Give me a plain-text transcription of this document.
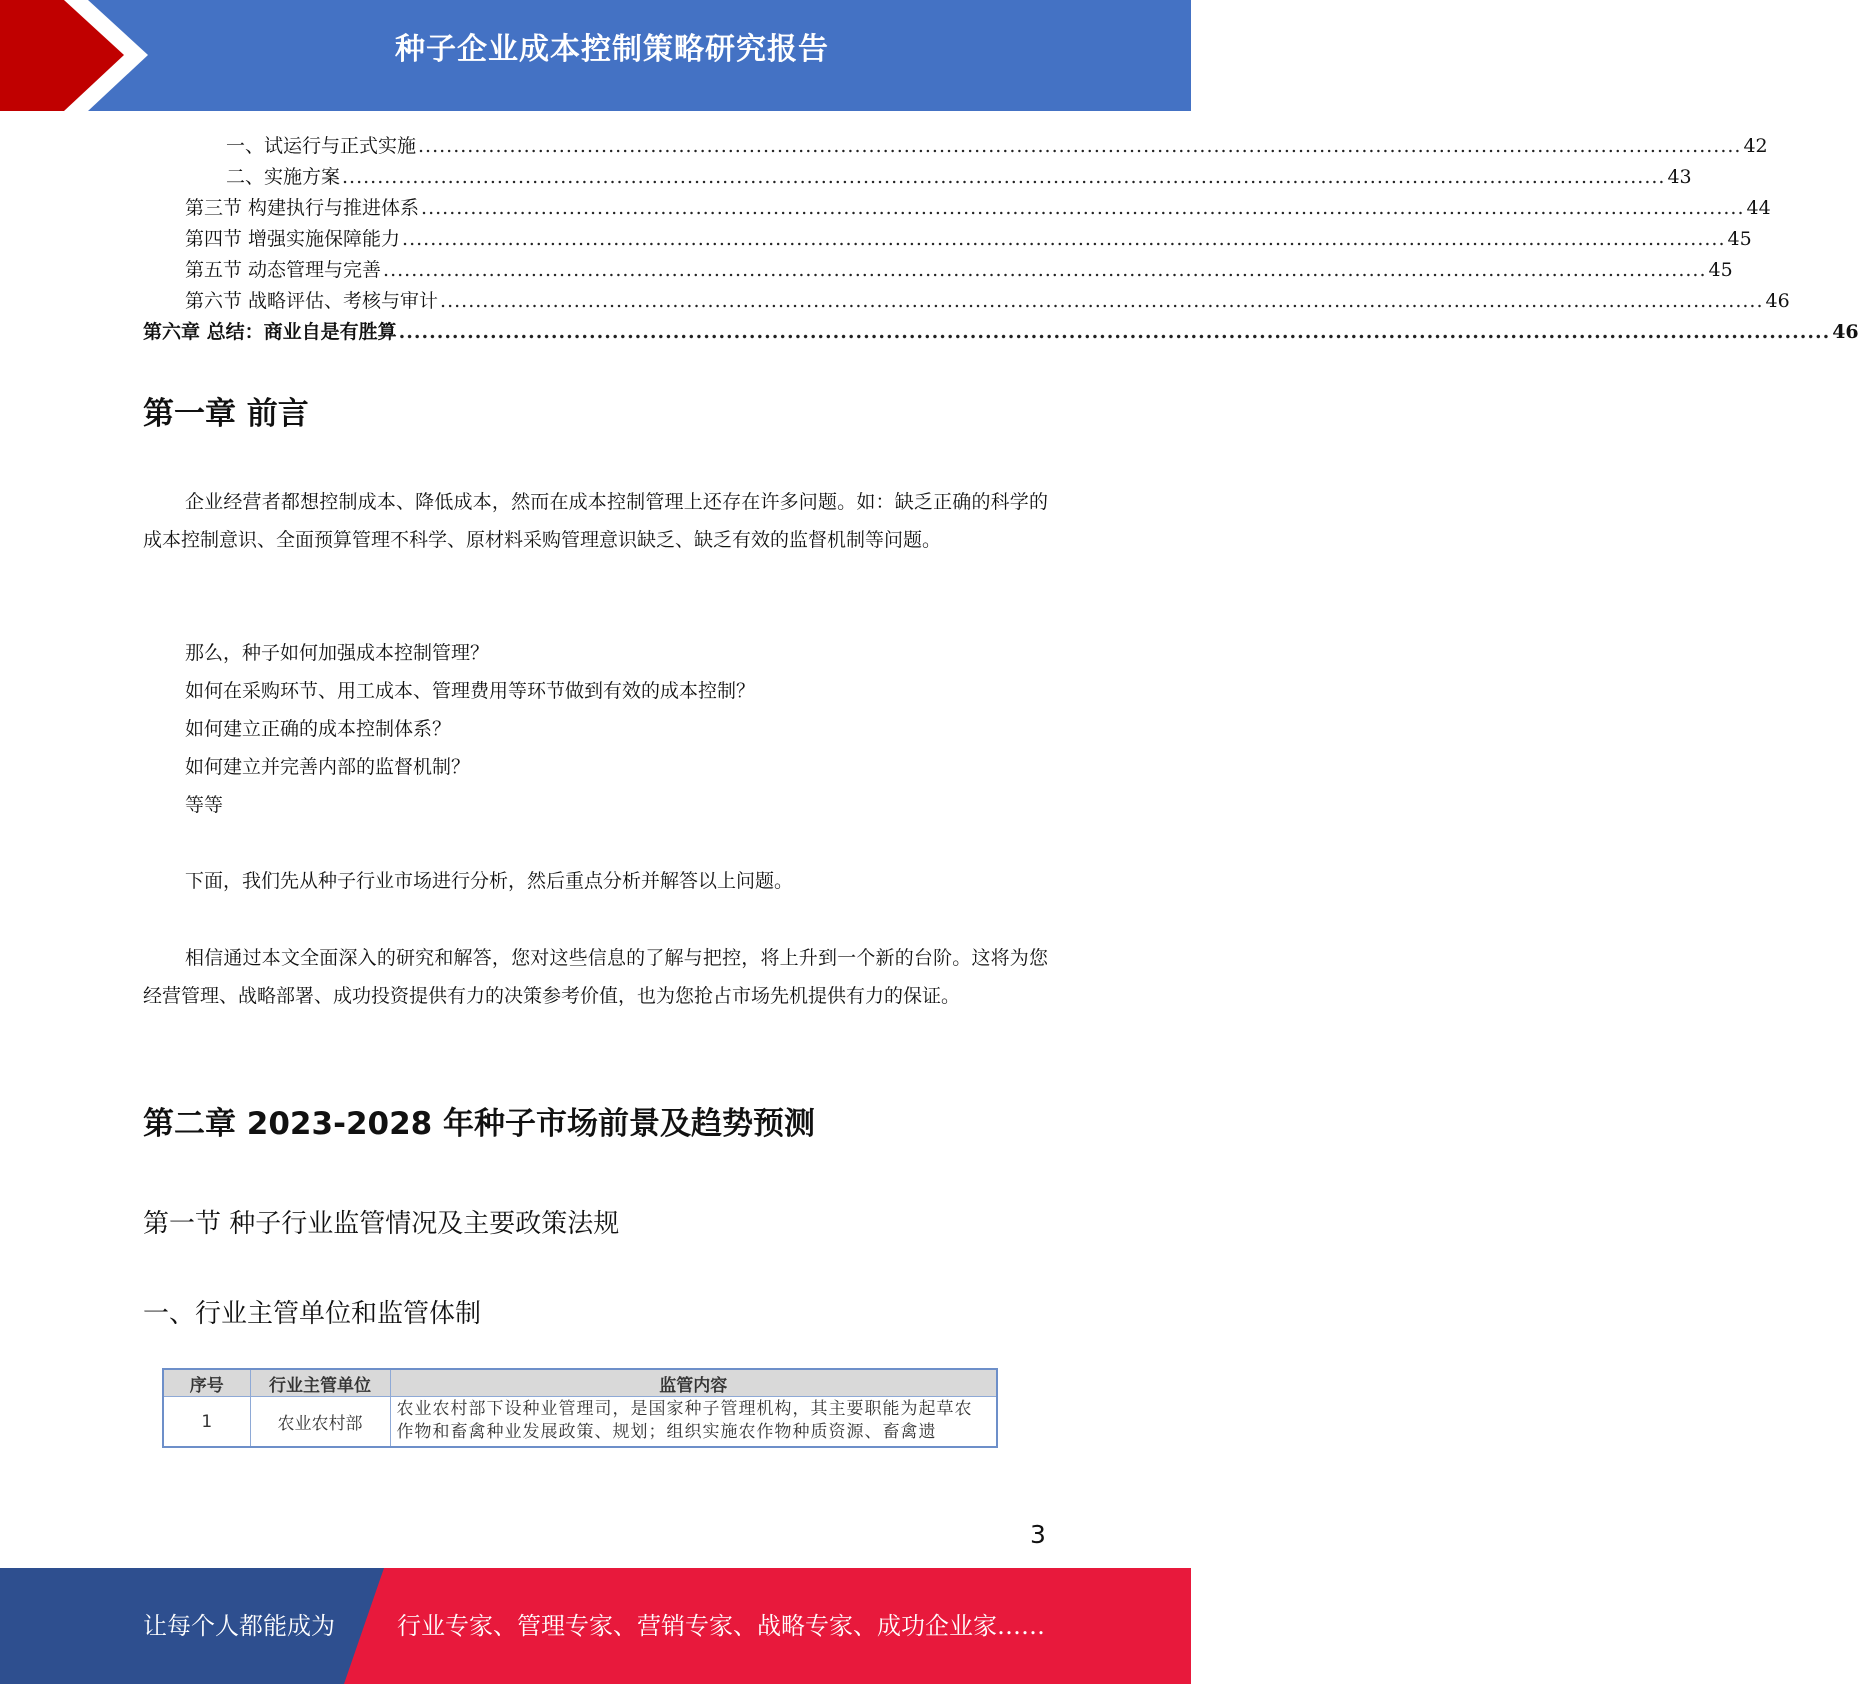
种子企业成本控制策略研究报告
一、试运行与正式实施 ............................................................................................................................................................................................ 42
二、实施方案 ............................................................................................................................................................................................ 43
第三节 构建执行与推进体系 ............................................................................................................................................................................................ 44
第四节 增强实施保障能力 ............................................................................................................................................................................................ 45
第五节 动态管理与完善 ............................................................................................................................................................................................ 45
第六节 战略评估、考核与审计 ............................................................................................................................................................................................ 46
第六章 总结：商业自是有胜算 ............................................................................................................................................................................................ 46
第一章 前言
企业经营者都想控制成本、降低成本，然而在成本控制管理上还存在许多问题。如：缺乏正确的科学的成本控制意识、全面预算管理不科学、原材料采购管理意识缺乏、缺乏有效的监督机制等问题。
那么，种子如何加强成本控制管理？
如何在采购环节、用工成本、管理费用等环节做到有效的成本控制？
如何建立正确的成本控制体系？
如何建立并完善内部的监督机制？
等等
下面，我们先从种子行业市场进行分析，然后重点分析并解答以上问题。
相信通过本文全面深入的研究和解答，您对这些信息的了解与把控，将上升到一个新的台阶。这将为您经营管理、战略部署、成功投资提供有力的决策参考价值，也为您抢占市场先机提供有力的保证。
第二章 2023-2028 年种子市场前景及趋势预测
第一节 种子行业监管情况及主要政策法规
一、行业主管单位和监管体制
序号	行业主管单位	监管内容
1	农业农村部	农业农村部下设种业管理司，是国家种子管理机构，其主要职能为起草农作物和畜禽种业发展政策、规划；组织实施农作物种质资源、畜禽遗
3
让每个人都能成为	行业专家、管理专家、营销专家、战略专家、成功企业家……
